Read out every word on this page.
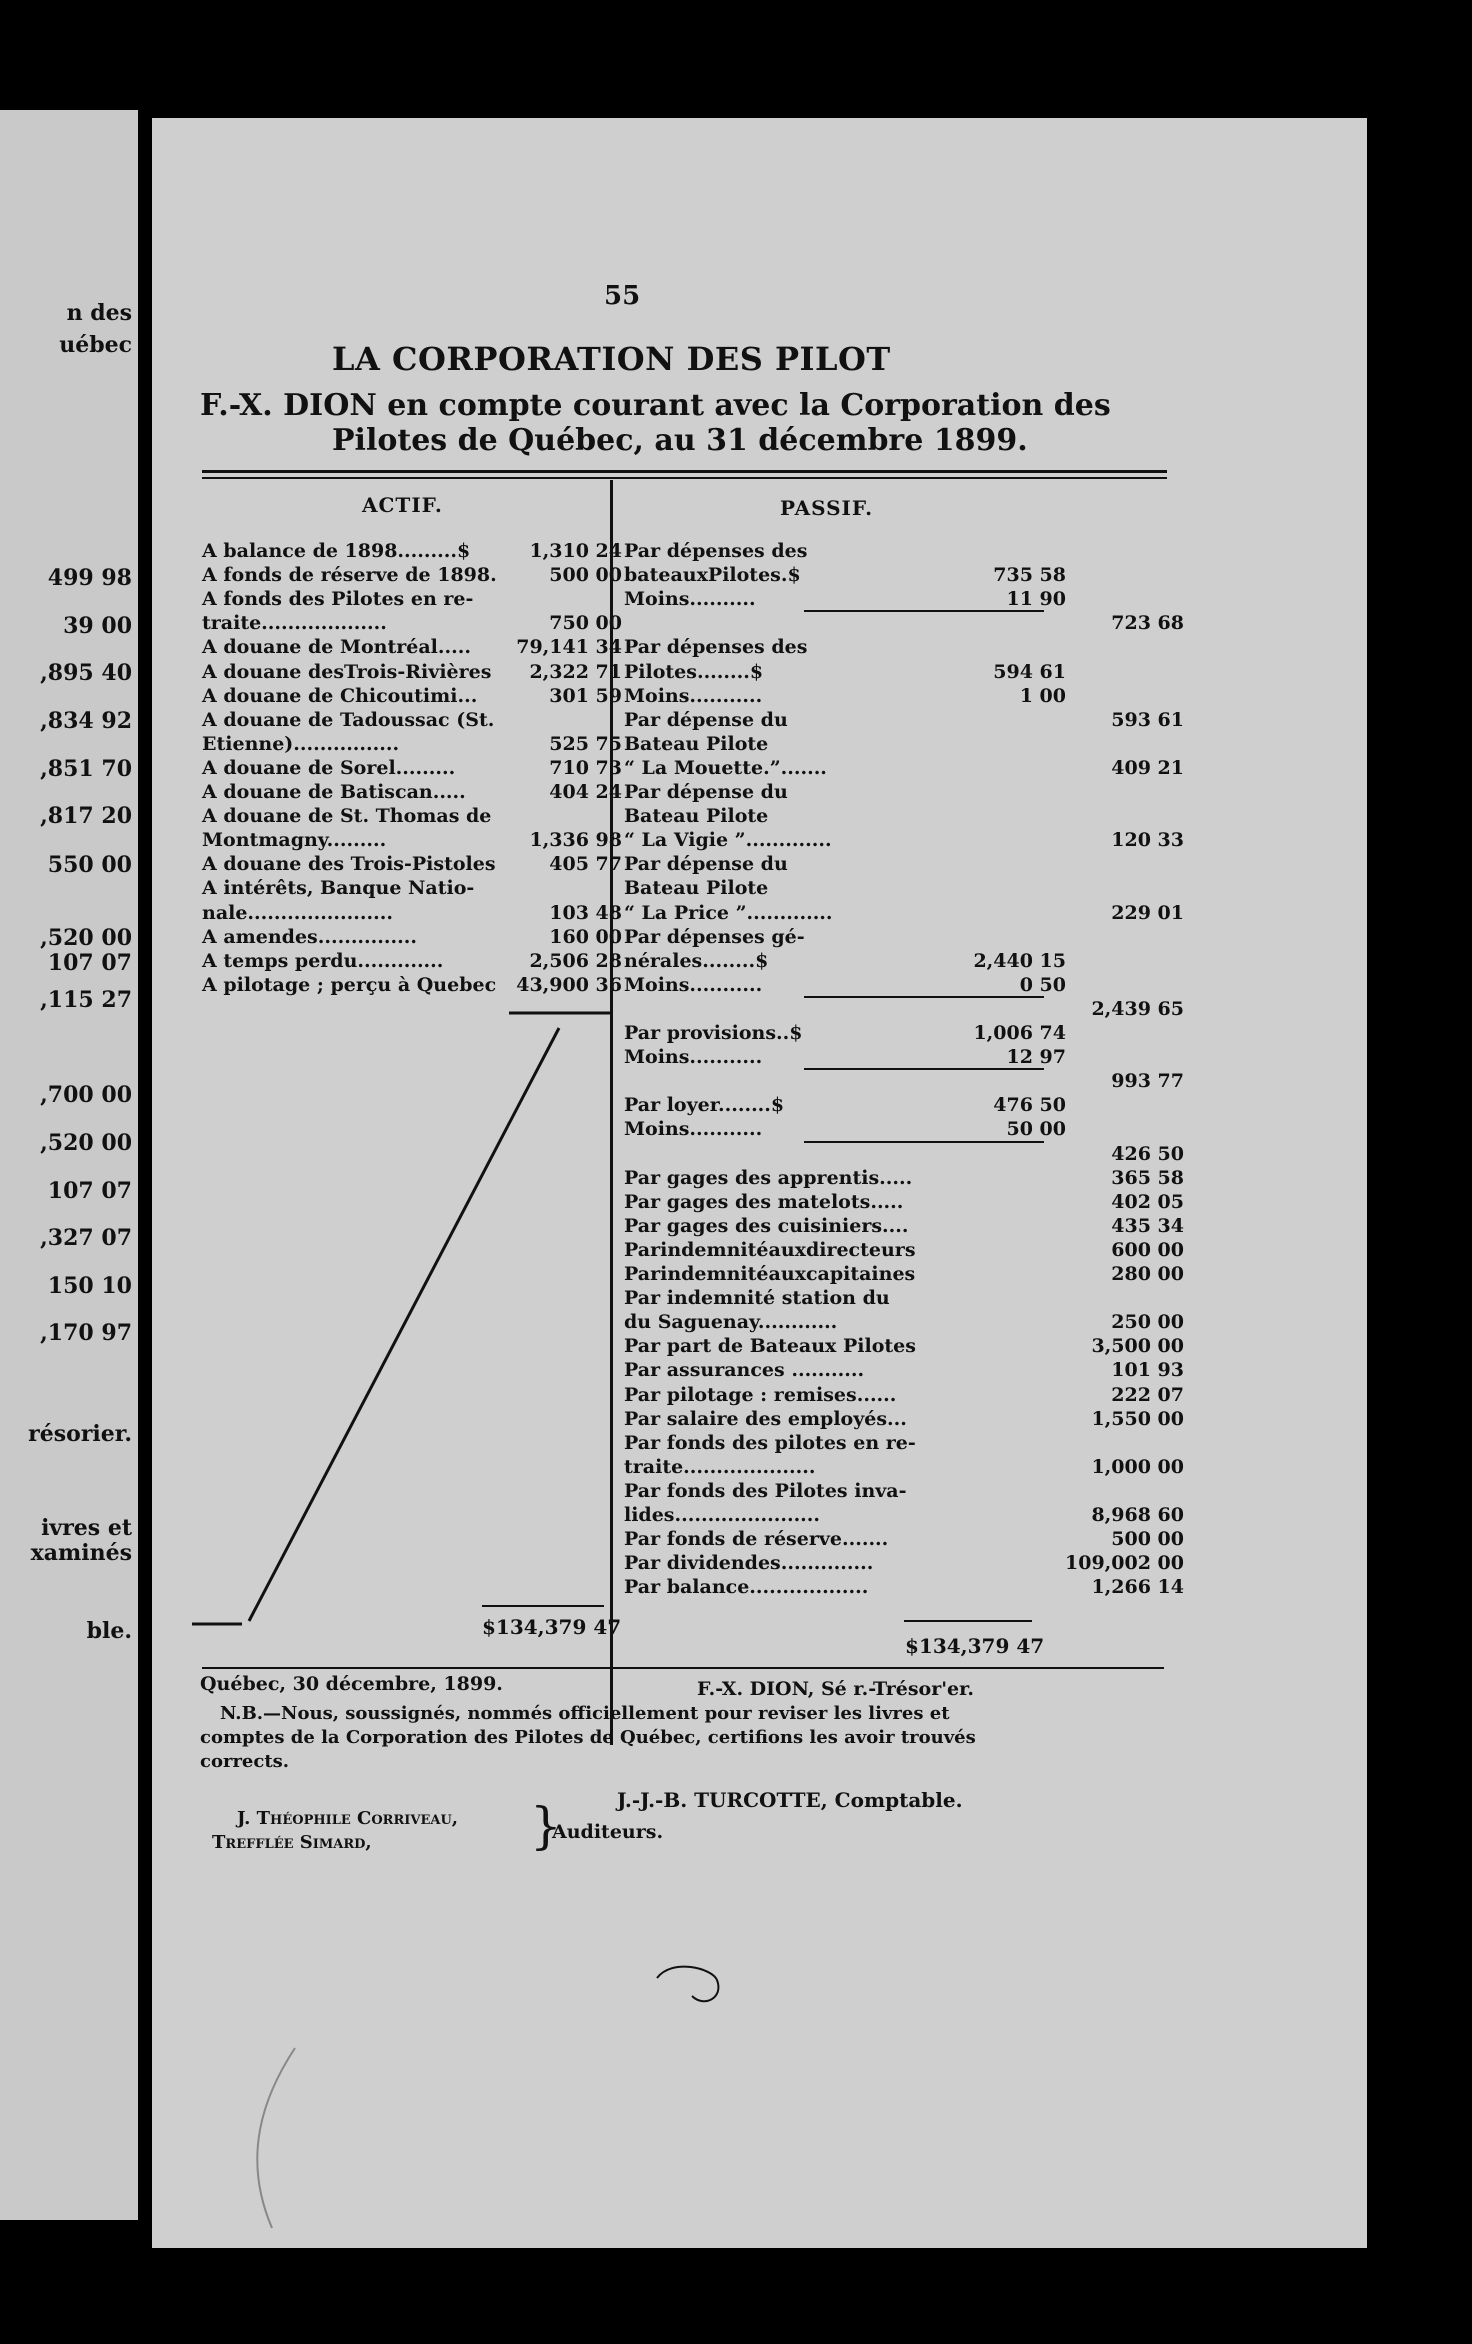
n des
uébec
499 98
39 00
,895 40
,834 92
,851 70
,817 20
550 00
,520 00
107 07
,115 27
,700 00
,520 00
107 07
,327 07
150 10
,170 97
résorier.
ivres et
xaminés
ble.
55
LA CORPORATION DES PILOT
F.-X. DION en compte courant avec la Corporation des
Pilotes de Québec, au 31 décembre 1899.
ACTIF.	PASSIF.
A balance de 1898.........$	1,310 24
A fonds de réserve de 1898.	500 00
A fonds des Pilotes en re-
traite...................	750 00
A douane de Montréal.....	79,141 34
A douane desTrois-Rivières	2,322 71
A douane de Chicoutimi...	301 59
A douane de Tadoussac (St.
Etienne)................	525 75
A douane de Sorel.........	710 73
A douane de Batiscan.....	404 24
A douane de St. Thomas de
Montmagny.........	1,336 98
A douane des Trois-Pistoles	405 77
A intérêts, Banque Natio-
nale......................	103 48
A amendes...............	160 00
A temps perdu.............	2,506 28
A pilotage ; perçu à Quebec	43,900 36
Par dépenses des
bateauxPilotes.$	735 58
Moins..........	11 90
723 68
Par dépenses des
Pilotes........$	594 61
Moins...........	1 00
Par dépense du	593 61
Bateau Pilote
“ La Mouette.”.......	409 21
Par dépense du
Bateau Pilote
“ La Vigie ”.............	120 33
Par dépense du
Bateau Pilote
“ La Price ”.............	229 01
Par dépenses gé-
nérales........$	2,440 15
Moins...........	0 50
2,439 65
Par provisions..$	1,006 74
Moins...........	12 97
993 77
Par loyer........$	476 50
Moins...........	50 00
426 50
Par gages des apprentis.....	365 58
Par gages des matelots.....	402 05
Par gages des cuisiniers....	435 34
Parindemnitéauxdirecteurs	600 00
Parindemnitéauxcapitaines	280 00
Par indemnité station du
du Saguenay............	250 00
Par part de Bateaux Pilotes	3,500 00
Par assurances ...........	101 93
Par pilotage : remises......	222 07
Par salaire des employés...	1,550 00
Par fonds des pilotes en re-
traite....................	1,000 00
Par fonds des Pilotes inva-
lides......................	8,968 60
Par fonds de réserve.......	500 00
Par dividendes..............	109,002 00
Par balance..................	1,266 14
$134,379 47
$134,379 47
Québec, 30 décembre, 1899.	F.-X. DION, Sé r.-Trésor'er.
N.B.—Nous, soussignés, nommés officiellement pour reviser les livres et
comptes de la Corporation des Pilotes de Québec, certifions les avoir trouvés
corrects.
J.-J.-B. TURCOTTE, Comptable.
J. Théophile Corriveau,
Trefflée Simard,	}
Auditeurs.
